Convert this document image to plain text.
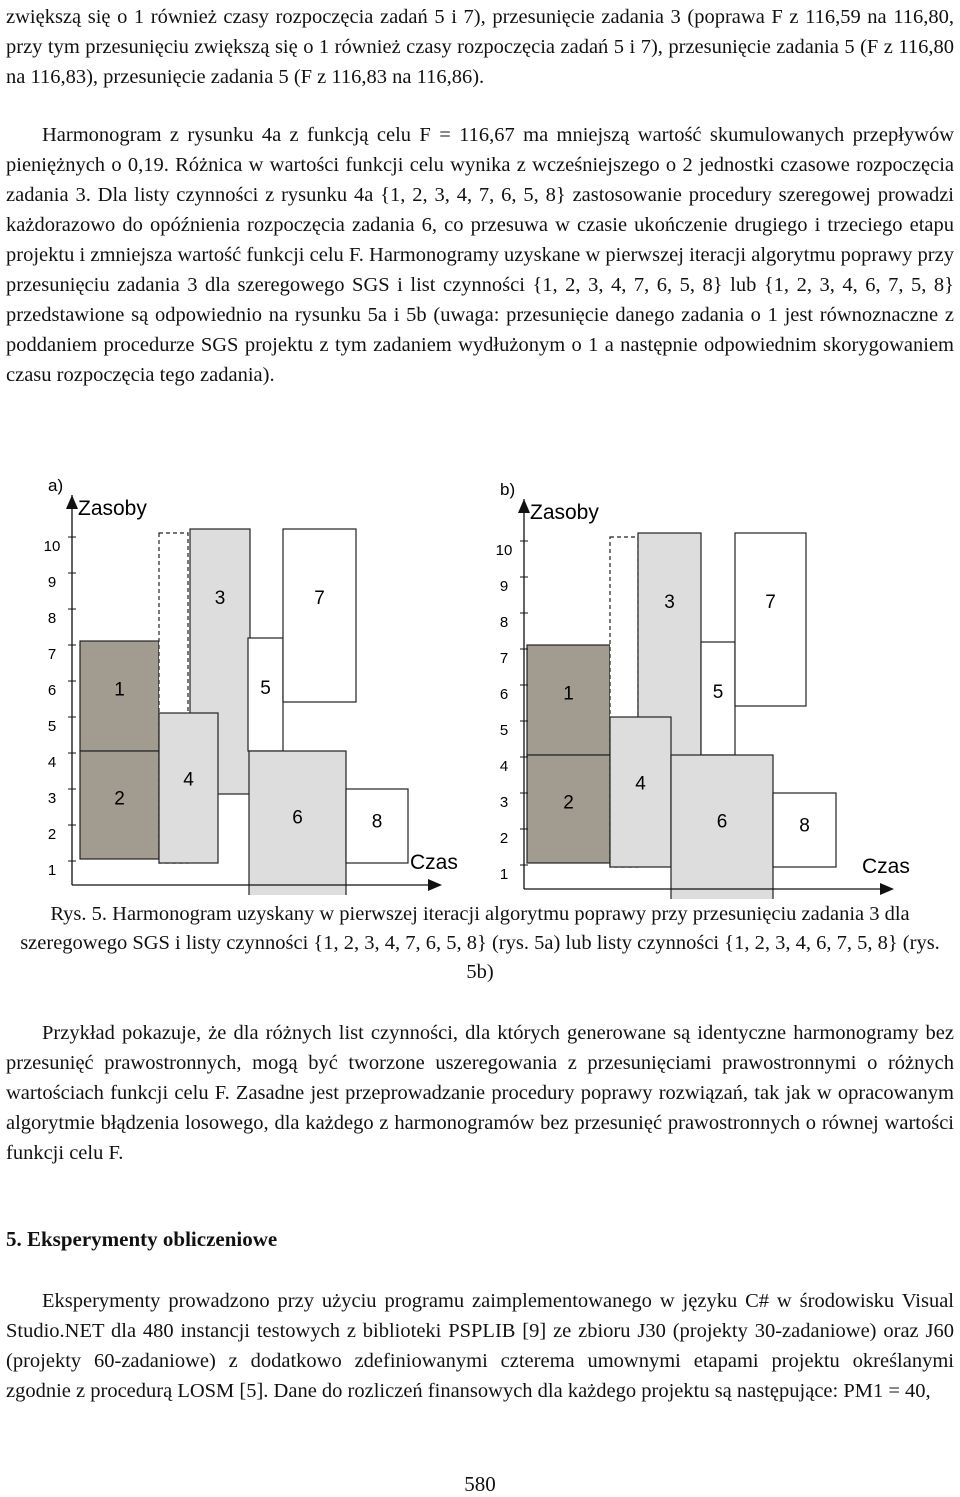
zwiększą się o 1 również czasy rozpoczęcia zadań 5 i 7), przesunięcie zadania 3 (poprawa F z 116,59 na 116,80, przy tym przesunięciu zwiększą się o 1 również czasy rozpoczęcia zadań 5 i 7), przesunięcie zadania 5 (F z 116,80 na 116,83), przesunięcie zadania 5 (F z 116,83 na 116,86).

Harmonogram z rysunku 4a z funkcją celu F = 116,67 ma mniejszą wartość skumulowanych przepływów pieniężnych o 0,19. Różnica w wartości funkcji celu wynika z wcześniejszego o 2 jednostki czasowe rozpoczęcia zadania 3. Dla listy czynności z rysunku 4a {1, 2, 3, 4, 7, 6, 5, 8} zastosowanie procedury szeregowej prowadzi każdorazowo do opóźnienia rozpoczęcia zadania 6, co przesuwa w czasie ukończenie drugiego i trzeciego etapu projektu i zmniejsza wartość funkcji celu F. Harmonogramy uzyskane w pierwszej iteracji algorytmu poprawy przy przesunięciu zadania 3 dla szeregowego SGS i list czynności {1, 2, 3, 4, 7, 6, 5, 8} lub {1, 2, 3, 4, 6, 7, 5, 8} przedstawione są odpowiednio na rysunku 5a i 5b (uwaga: przesunięcie danego zadania o 1 jest równoznaczne z poddaniem procedurze SGS projektu z tym zadaniem wydłużonym o 1 a następnie odpowiednim skorygowaniem czasu rozpoczęcia tego zadania).

a)
1
2
3
4
5
7
6	8
Zasoby
Czas
1
2
3
4
5
6
7
8
9
10
b)
1
2
3
4
5
7
6	8
Zasoby
Czas
1
2
3
4
5
6
7
8
9
10

Rys. 5. Harmonogram uzyskany w pierwszej iteracji algorytmu poprawy przy przesunięciu zadania 3 dla szeregowego SGS i listy czynności {1, 2, 3, 4, 7, 6, 5, 8} (rys. 5a) lub listy czynności {1, 2, 3, 4, 6, 7, 5, 8} (rys. 5b)

Przykład pokazuje, że dla różnych list czynności, dla których generowane są identyczne harmonogramy bez przesunięć prawostronnych, mogą być tworzone uszeregowania z przesunięciami prawostronnymi o różnych wartościach funkcji celu F. Zasadne jest przeprowadzanie procedury poprawy rozwiązań, tak jak w opracowanym algorytmie błądzenia losowego, dla każdego z harmonogramów bez przesunięć prawostronnych o równej wartości funkcji celu F.

5. Eksperymenty obliczeniowe

Eksperymenty prowadzono przy użyciu programu zaimplementowanego w języku C# w środowisku Visual Studio.NET dla 480 instancji testowych z biblioteki PSPLIB [9] ze zbioru J30 (projekty 30-zadaniowe) oraz J60 (projekty 60-zadaniowe) z dodatkowo zdefiniowanymi czterema umownymi etapami projektu określanymi zgodnie z procedurą LOSM [5]. Dane do rozliczeń finansowych dla każdego projektu są następujące: PM1 = 40,

580
